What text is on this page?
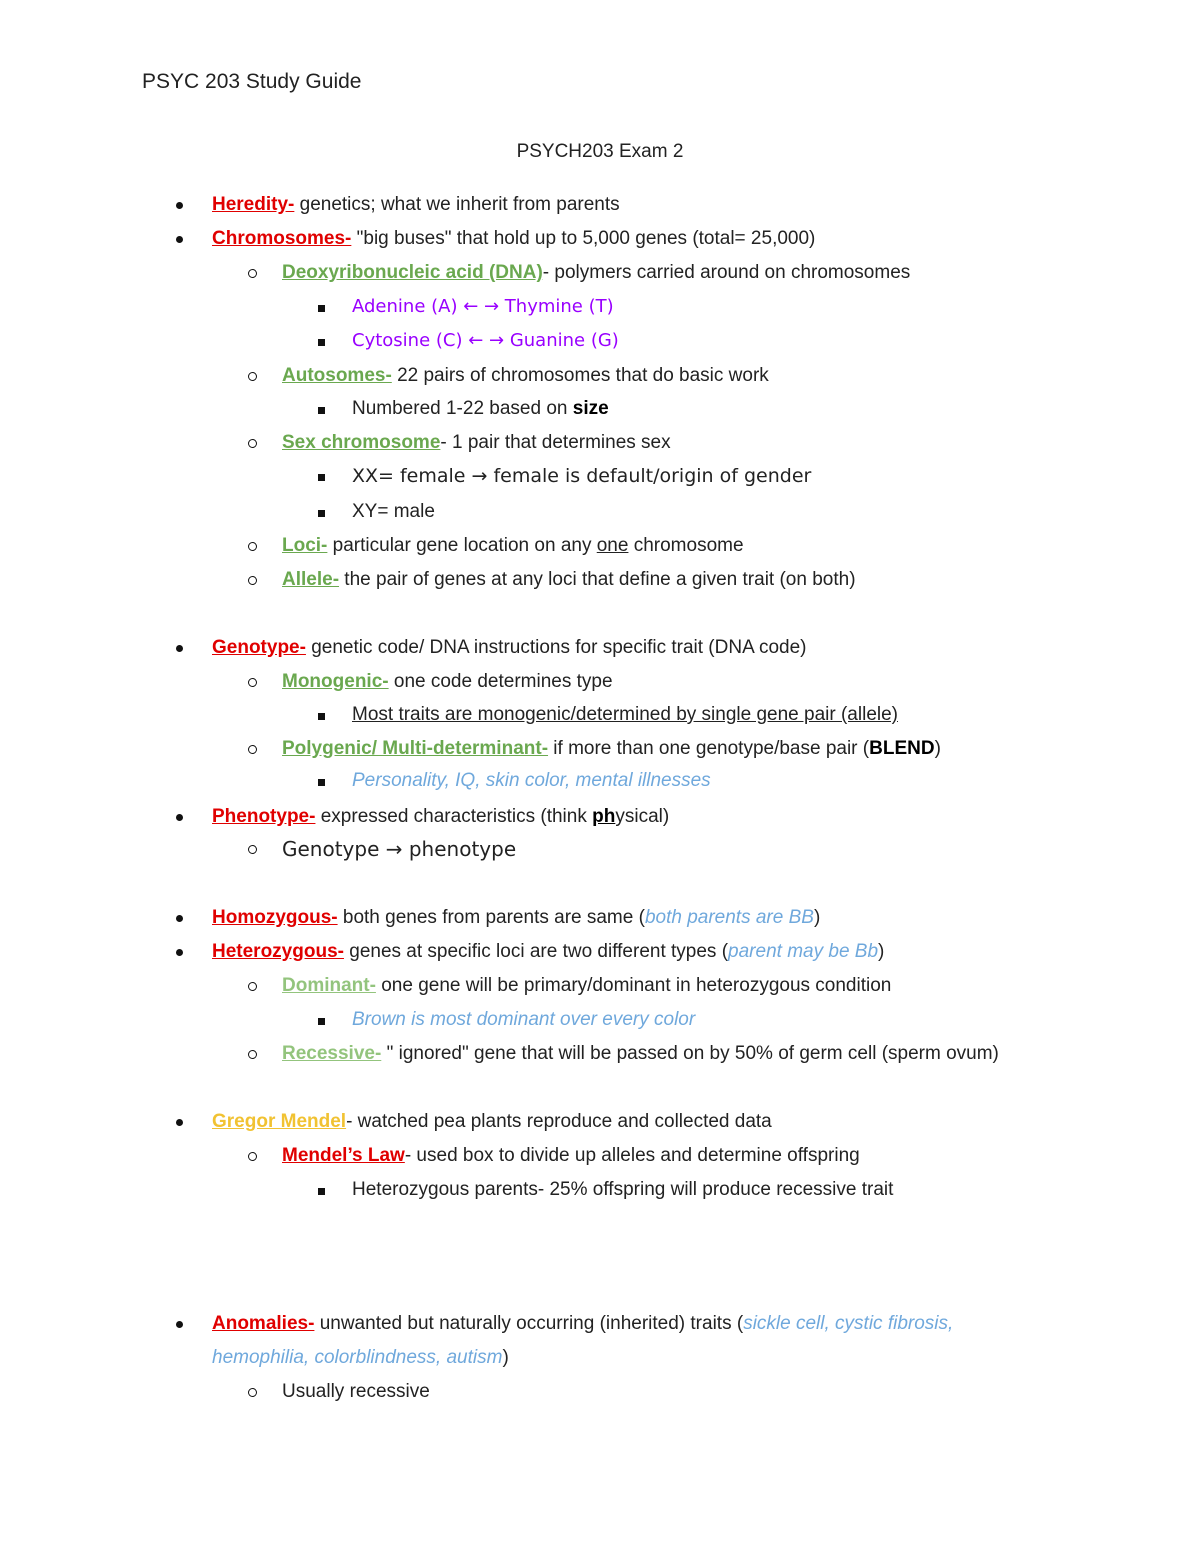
PSYC 203 Study Guide
PSYCH203 Exam 2
Heredity- genetics; what we inherit from parents
Chromosomes- "big buses" that hold up to 5,000 genes (total= 25,000)
Deoxyribonucleic acid (DNA)- polymers carried around on chromosomes
Adenine (A) ← → Thymine (T)
Cytosine (C) ← → Guanine (G)
Autosomes- 22 pairs of chromosomes that do basic work
Numbered 1-22 based on size
Sex chromosome- 1 pair that determines sex
XX= female → female is default/origin of gender
XY= male
Loci- particular gene location on any one chromosome
Allele- the pair of genes at any loci that define a given trait (on both)
Genotype- genetic code/ DNA instructions for specific trait (DNA code)
Monogenic- one code determines type
Most traits are monogenic/determined by single gene pair (allele)
Polygenic/ Multi-determinant- if more than one genotype/base pair (BLEND)
Personality, IQ, skin color, mental illnesses
Phenotype- expressed characteristics (think physical)
Genotype → phenotype
Homozygous- both genes from parents are same (both parents are BB)
Heterozygous- genes at specific loci are two different types (parent may be Bb)
Dominant- one gene will be primary/dominant in heterozygous condition
Brown is most dominant over every color
Recessive- " ignored" gene that will be passed on by 50% of germ cell (sperm ovum)
Gregor Mendel- watched pea plants reproduce and collected data
Mendel’s Law- used box to divide up alleles and determine offspring
Heterozygous parents- 25% offspring will produce recessive trait
Anomalies- unwanted but naturally occurring (inherited) traits (sickle cell, cystic fibrosis,
hemophilia, colorblindness, autism)
Usually recessive
